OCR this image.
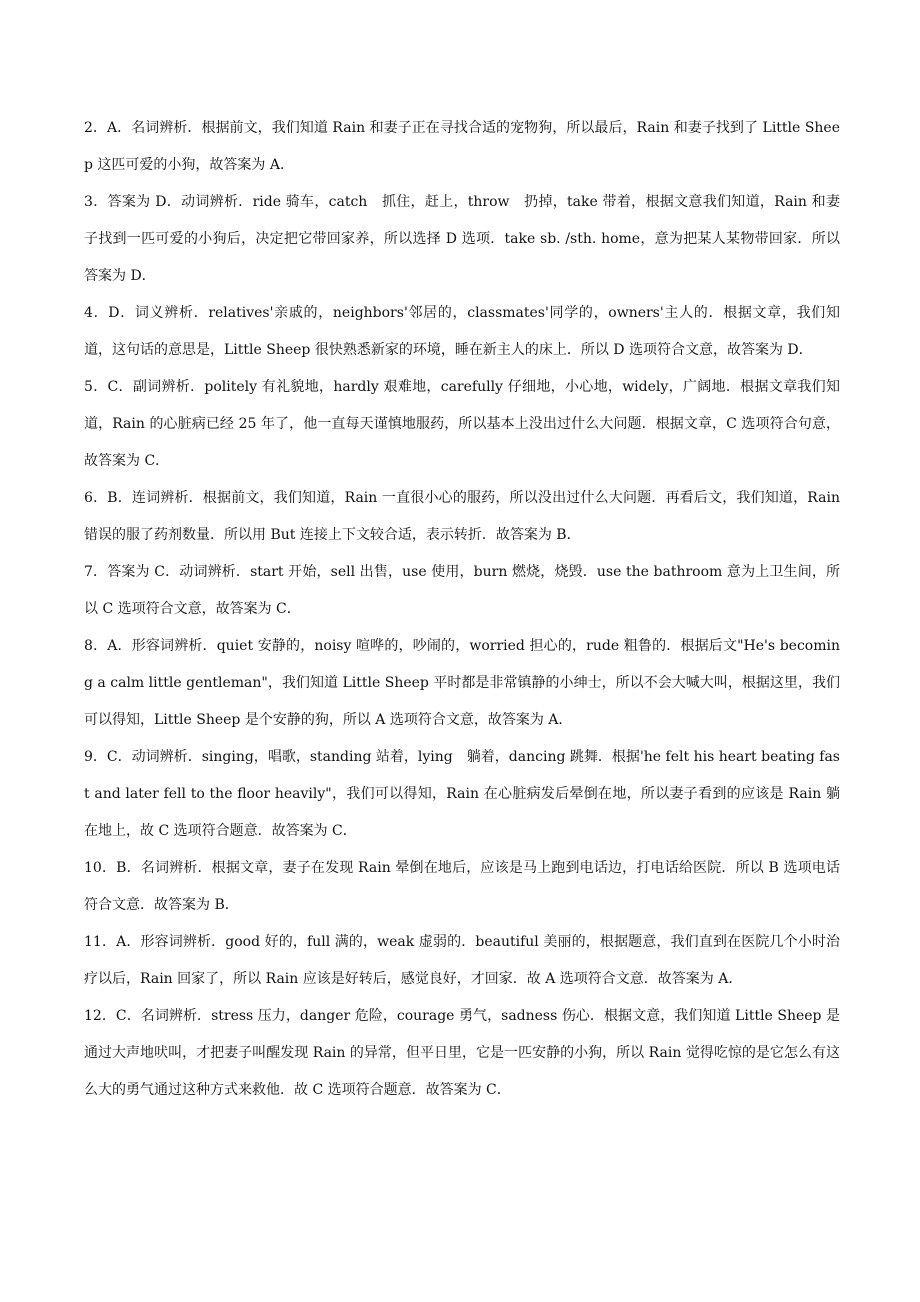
2．A．名词辨析．根据前文，我们知道 Rain 和妻子正在寻找合适的宠物狗，所以最后，Rain 和妻子找到了 Little Sheep 这匹可爱的小狗，故答案为 A．

3．答案为 D．动词辨析．ride 骑车，catch　抓住，赶上，throw　扔掉，take 带着，根据文意我们知道，Rain 和妻子找到一匹可爱的小狗后，决定把它带回家养，所以选择 D 选项．take sb. /sth. home，意为把某人某物带回家．所以答案为 D．

4．D．词义辨析．relatives'亲戚的，neighbors'邻居的，classmates'同学的，owners'主人的．根据文章，我们知道，这句话的意思是，Little Sheep 很快熟悉新家的环境，睡在新主人的床上．所以 D 选项符合文意，故答案为 D．

5．C．副词辨析．politely 有礼貌地，hardly 艰难地，carefully 仔细地，小心地，widely，广阔地．根据文章我们知道，Rain 的心脏病已经 25 年了，他一直每天谨慎地服药，所以基本上没出过什么大问题．根据文章，C 选项符合句意，故答案为 C．

6．B．连词辨析．根据前文，我们知道，Rain 一直很小心的服药，所以没出过什么大问题．再看后文，我们知道，Rain 错误的服了药剂数量．所以用 But 连接上下文较合适，表示转折．故答案为 B．

7．答案为 C．动词辨析．start 开始，sell 出售，use 使用，burn 燃烧，烧毁．use the bathroom 意为上卫生间，所以 C 选项符合文意，故答案为 C．

8．A．形容词辨析．quiet 安静的，noisy 喧哗的，吵闹的，worried 担心的，rude 粗鲁的．根据后文"He's becoming a calm little gentleman"，我们知道 Little Sheep 平时都是非常镇静的小绅士，所以不会大喊大叫，根据这里，我们可以得知，Little Sheep 是个安静的狗，所以 A 选项符合文意，故答案为 A．

9．C．动词辨析．singing，唱歌，standing 站着，lying　躺着，dancing 跳舞．根据'he felt his heart beating fast and later fell to the floor heavily"，我们可以得知，Rain 在心脏病发后晕倒在地，所以妻子看到的应该是 Rain 躺在地上，故 C 选项符合题意．故答案为 C．

10．B．名词辨析．根据文章，妻子在发现 Rain 晕倒在地后，应该是马上跑到电话边，打电话给医院．所以 B 选项电话符合文意．故答案为 B．

11．A．形容词辨析．good 好的，full 满的，weak 虚弱的．beautiful 美丽的，根据题意，我们直到在医院几个小时治疗以后，Rain 回家了，所以 Rain 应该是好转后，感觉良好，才回家．故 A 选项符合文意．故答案为 A．

12．C．名词辨析．stress 压力，danger 危险，courage 勇气，sadness 伤心．根据文意，我们知道 Little Sheep 是通过大声地吠叫，才把妻子叫醒发现 Rain 的异常，但平日里，它是一匹安静的小狗，所以 Rain 觉得吃惊的是它怎么有这么大的勇气通过这种方式来救他．故 C 选项符合题意．故答案为 C．
